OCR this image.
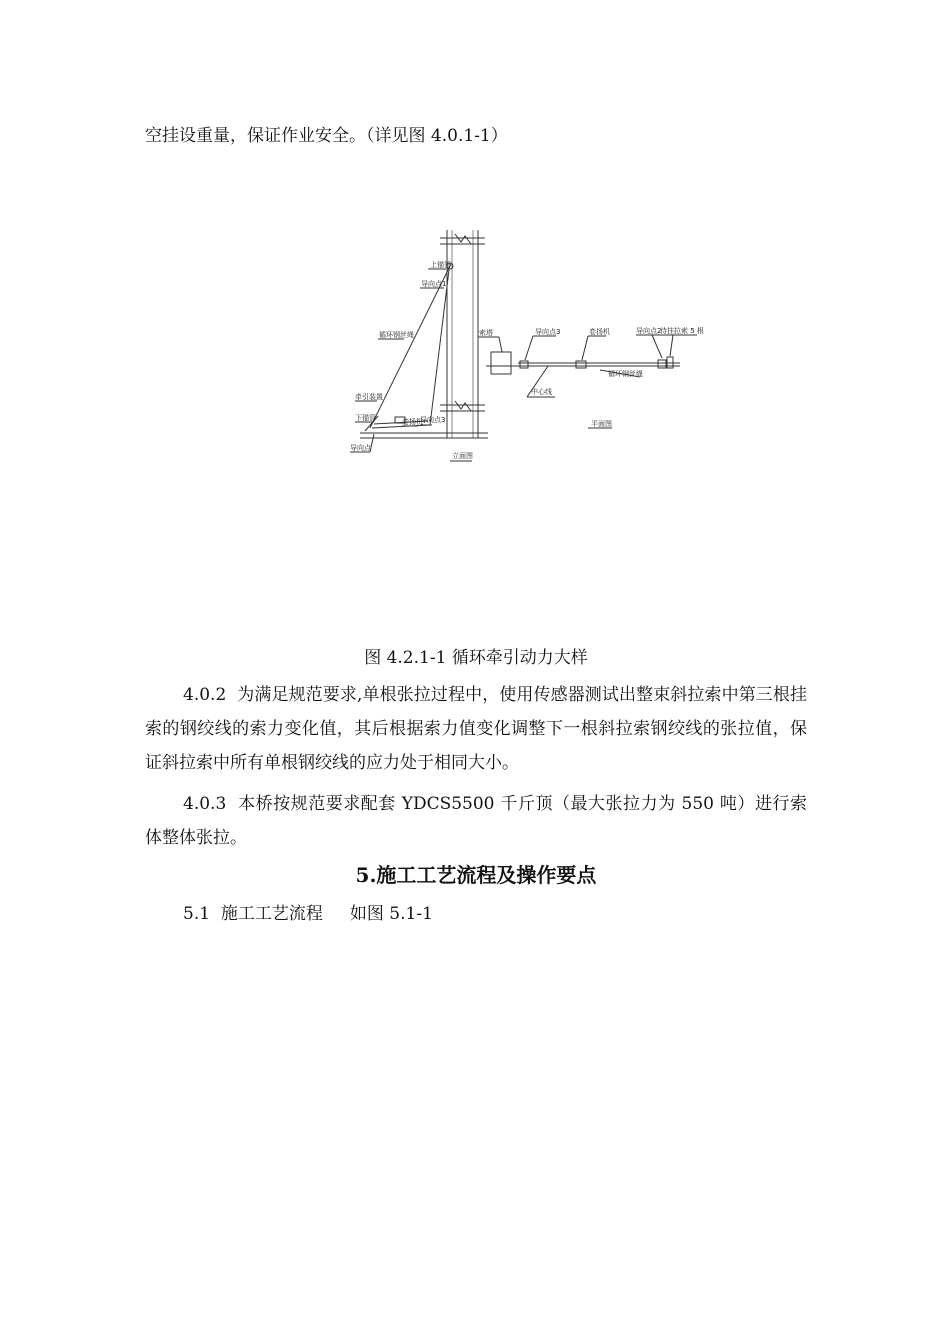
空挂设重量，保证作业安全。（详见图 4.0.1-1）
上锚管
导向点1
循环钢丝绳
牵引装置
下锚管	卷扬机
导向点3
导向点
立面图
索塔	导向点3	卷扬机	导向点2
待挂拉索 5 根
循环钢丝绳
中心线
平面图
图 4.2.1-1 循环牵引动力大样
4.0.2 为满足规范要求,单根张拉过程中，使用传感器测试出整束斜拉索中第三根挂索的钢绞线的索力变化值，其后根据索力值变化调整下一根斜拉索钢绞线的张拉值，保证斜拉索中所有单根钢绞线的应力处于相同大小。
4.0.3 本桥按规范要求配套 YDCS5500 千斤顶（最大张拉力为 550 吨）进行索体整体张拉。
5.施工工艺流程及操作要点
5.1 施工工艺流程 如图 5.1-1
